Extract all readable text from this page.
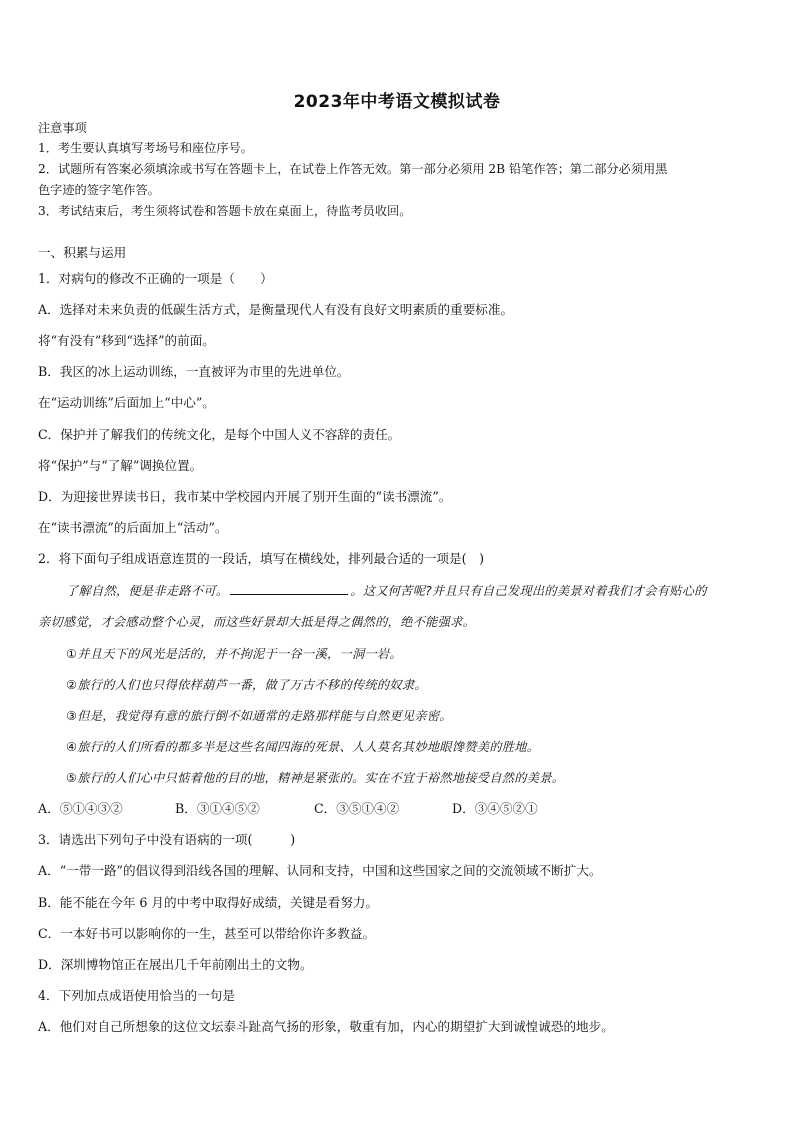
2023年中考语文模拟试卷
注意事项
1．考生要认真填写考场号和座位序号。
2．试题所有答案必须填涂或书写在答题卡上，在试卷上作答无效。第一部分必须用 2B 铅笔作答；第二部分必须用黑
色字迹的签字笔作答。
3．考试结束后，考生须将试卷和答题卡放在桌面上，待监考员收回。
一、积累与运用
1．对病句的修改不正确的一项是（　　）
A．选择对未来负责的低碳生活方式，是衡量现代人有没有良好文明素质的重要标准。
将“有没有”移到“选择”的前面。
B．我区的冰上运动训练，一直被评为市里的先进单位。
在“运动训练”后面加上“中心”。
C．保护并了解我们的传统文化，是每个中国人义不容辞的责任。
将“保护”与“了解”调换位置。
D．为迎接世界读书日，我市某中学校园内开展了别开生面的“读书漂流”。
在“读书漂流”的后面加上“活动”。
2．将下面句子组成语意连贯的一段话，填写在横线处，排列最合适的一项是(　)
了解自然，便是非走路不可。	。这又何苦呢?并且只有自己发现出的美景对着我们才会有贴心的
亲切感觉，才会感动整个心灵，而这些好景却大抵是得之偶然的，绝不能强求。
①并且天下的风光是活的，并不拘泥于一谷一溪，一洞一岩。
②旅行的人们也只得依样葫芦一番，做了万古不移的传统的奴隶。
③但是，我觉得有意的旅行倒不如通常的走路那样能与自然更见亲密。
④旅行的人们所看的都多半是这些名闻四海的死景、人人莫名其妙地眼馋赞美的胜地。
⑤旅行的人们心中只惦着他的目的地，精神是紧张的。实在不宜于裕然地接受自然的美景。
A．⑤①④③②	B．③①④⑤②	C．③⑤①④②	D．③④⑤②①
3．请选出下列句子中没有语病的一项(　　　)
A．“一带一路”的倡议得到沿线各国的理解、认同和支持，中国和这些国家之间的交流领域不断扩大。
B．能不能在今年 6 月的中考中取得好成绩，关键是看努力。
C．一本好书可以影响你的一生，甚至可以带给你许多教益。
D．深圳博物馆正在展出几千年前刚出土的文物。
4．下列加点成语使用恰当的一句是
A．他们对自己所想象的这位文坛泰斗趾高气扬的形象，敬重有加，内心的期望扩大到诚惶诚恐的地步。
